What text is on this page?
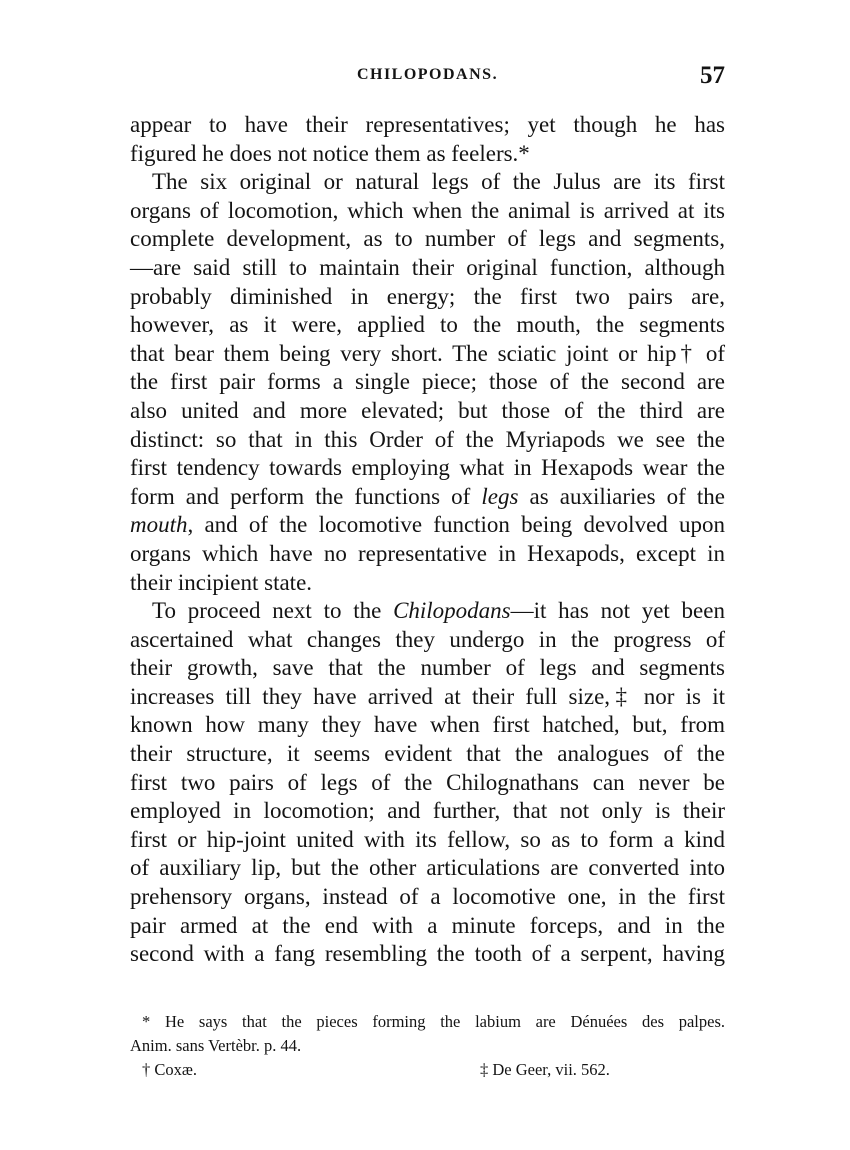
CHILOPODANS.	57
appear to have their representatives; yet though he has
figured he does not notice them as feelers.*
The six original or natural legs of the Julus are its first
organs of locomotion, which when the animal is arrived at its
complete development, as to number of legs and segments,
—are said still to maintain their original function, although
probably diminished in energy; the first two pairs are,
however, as it were, applied to the mouth, the segments
that bear them being very short. The sciatic joint or hip† of
the first pair forms a single piece; those of the second are
also united and more elevated; but those of the third are
distinct: so that in this Order of the Myriapods we see the
first tendency towards employing what in Hexapods wear the
form and perform the functions of legs as auxiliaries of the
mouth, and of the locomotive function being devolved upon
organs which have no representative in Hexapods, except in
their incipient state.
To proceed next to the Chilopodans—it has not yet been
ascertained what changes they undergo in the progress of
their growth, save that the number of legs and segments
increases till they have arrived at their full size,‡ nor is it
known how many they have when first hatched, but, from
their structure, it seems evident that the analogues of the
first two pairs of legs of the Chilognathans can never be
employed in locomotion; and further, that not only is their
first or hip-joint united with its fellow, so as to form a kind
of auxiliary lip, but the other articulations are converted into
prehensory organs, instead of a locomotive one, in the first
pair armed at the end with a minute forceps, and in the
second with a fang resembling the tooth of a serpent, having
* He says that the pieces forming the labium are Dénuées des palpes.
Anim. sans Vertèbr. p. 44.
† Coxæ.	‡ De Geer, vii. 562.
